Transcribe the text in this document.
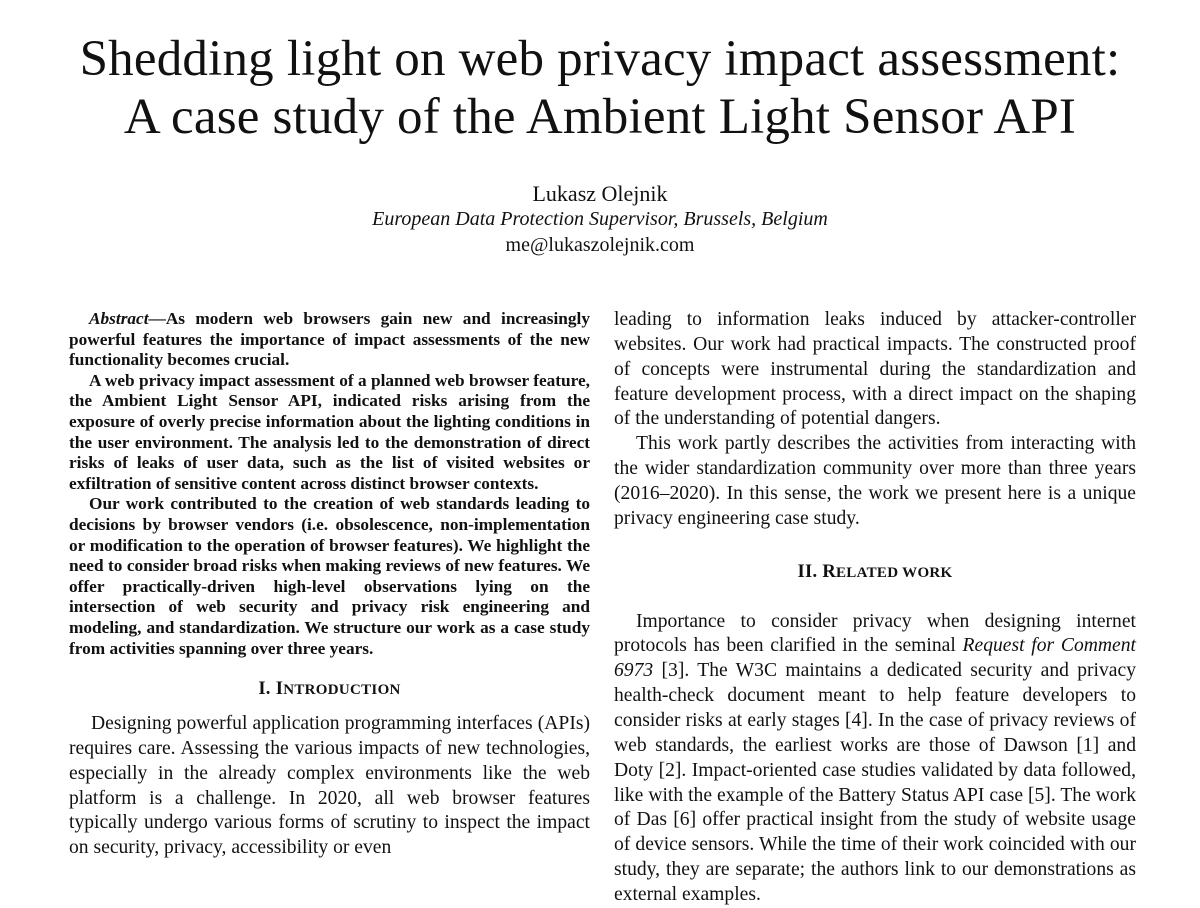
Shedding light on web privacy impact assessment:
A case study of the Ambient Light Sensor API
Lukasz Olejnik
European Data Protection Supervisor, Brussels, Belgium
me@lukaszolejnik.com

Abstract—As modern web browsers gain new and increasingly powerful features the importance of impact assessments of the new functionality becomes crucial.

A web privacy impact assessment of a planned web browser feature, the Ambient Light Sensor API, indicated risks arising from the exposure of overly precise information about the lighting conditions in the user environment. The analysis led to the demonstration of direct risks of leaks of user data, such as the list of visited websites or exfiltration of sensitive content across distinct browser contexts.

Our work contributed to the creation of web standards leading to decisions by browser vendors (i.e. obsolescence, non-implementation or modification to the operation of browser features). We highlight the need to consider broad risks when making reviews of new features. We offer practically-driven high-level observations lying on the intersection of web security and privacy risk engineering and modeling, and standardization. We structure our work as a case study from activities spanning over three years.

I. INTRODUCTION

Designing powerful application programming interfaces (APIs) requires care. Assessing the various impacts of new technologies, especially in the already complex environments like the web platform is a challenge. In 2020, all web browser features typically undergo various forms of scrutiny to inspect the impact on security, privacy, accessibility or even

leading to information leaks induced by attacker-controller websites. Our work had practical impacts. The constructed proof of concepts were instrumental during the standardization and feature development process, with a direct impact on the shaping of the understanding of potential dangers.

This work partly describes the activities from interacting with the wider standardization community over more than three years (2016–2020). In this sense, the work we present here is a unique privacy engineering case study.

II. RELATED WORK

Importance to consider privacy when designing internet protocols has been clarified in the seminal Request for Comment 6973 [3]. The W3C maintains a dedicated security and privacy health-check document meant to help feature developers to consider risks at early stages [4]. In the case of privacy reviews of web standards, the earliest works are those of Dawson [1] and Doty [2]. Impact-oriented case studies validated by data followed, like with the example of the Battery Status API case [5]. The work of Das [6] offer practical insight from the study of website usage of device sensors. While the time of their work coincided with our study, they are separate; the authors link to our demonstrations as external examples.
